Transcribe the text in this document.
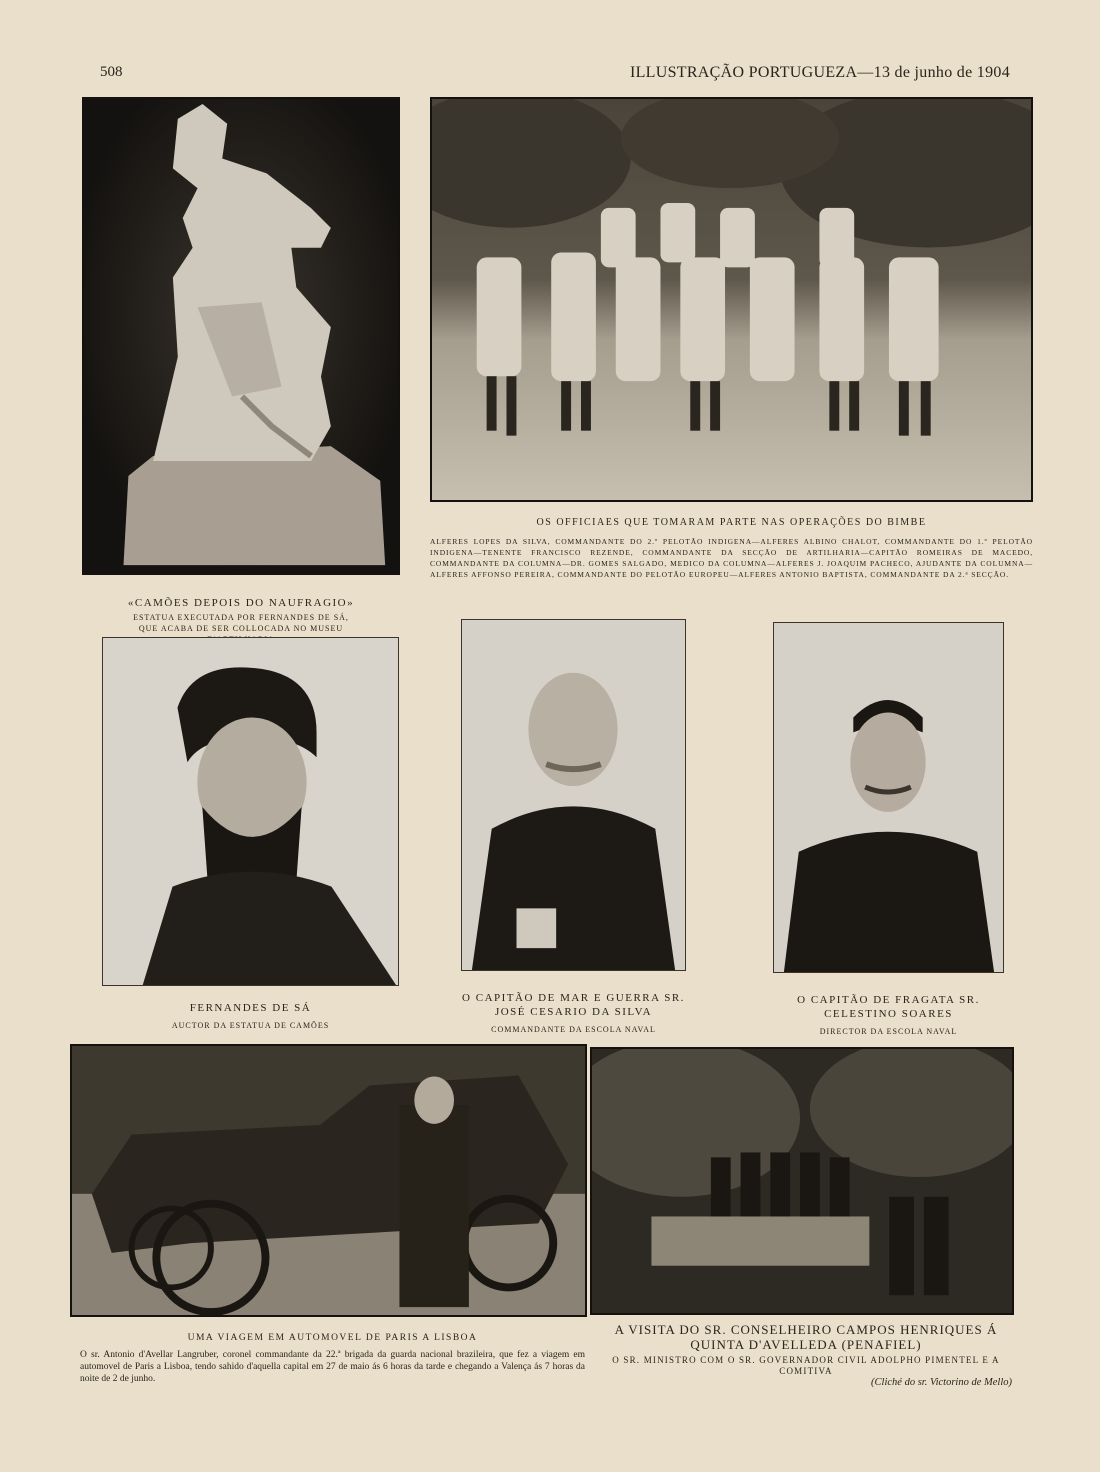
508	ILLUSTRAÇÃO PORTUGUEZA—13 de junho de 1904
«CAMÕES DEPOIS DO NAUFRAGIO»
ESTATUA EXECUTADA POR FERNANDES DE SÁ, QUE ACABA DE SER COLLOCADA NO MUSEU
OS OFFICIAES QUE TOMARAM PARTE NAS OPERAÇÕES DO BIMBE
ALFERES LOPES DA SILVA, COMMANDANTE DO 2.º PELOTÃO INDIGENA—ALFERES ALBINO CHALOT, COMMANDANTE DO 1.º PELOTÃO INDIGENA—TENENTE FRANCISCO REZENDE, COMMANDANTE DA SECÇÃO DE ARTILHARIA—CAPITÃO ROMEIRAS DE MACEDO, COMMANDANTE DA COLUMNA—DR. GOMES SALGADO, MEDICO DA COLUMNA—ALFERES J. JOAQUIM PACHECO, AJUDANTE DA COLUMNA—ALFERES AFFONSO PEREIRA, COMMANDANTE DO PELOTÃO EUROPEU—ALFERES ANTONIO BAPTISTA, COMMANDANTE DA 2.ª SECÇÃO.
FERNANDES DE SÁ
AUCTOR DA ESTATUA DE CAMÕES
O CAPITÃO DE MAR E GUERRA SR. JOSÉ CESARIO DA SILVA
COMMANDANTE DA ESCOLA NAVAL
O CAPITÃO DE FRAGATA SR. CELESTINO SOARES
DIRECTOR DA ESCOLA NAVAL
UMA VIAGEM EM AUTOMOVEL DE PARIS A LISBOA
O sr. Antonio d'Avellar Langruber, coronel commandante da 22.ª brigada da guarda nacional brazileira, que fez a viagem em automovel de Paris a Lisboa, tendo sahido d'aquella capital em 27 de maio ás 6 horas da tarde e chegando a Valença ás 7 horas da noite de 2 de junho.
A VISITA DO SR. CONSELHEIRO CAMPOS HENRIQUES Á QUINTA D'AVELLEDA (PENAFIEL)
O SR. MINISTRO COM O SR. GOVERNADOR CIVIL ADOLPHO PIMENTEL E A COMITIVA
(Cliché do sr. Victorino de Mello)
